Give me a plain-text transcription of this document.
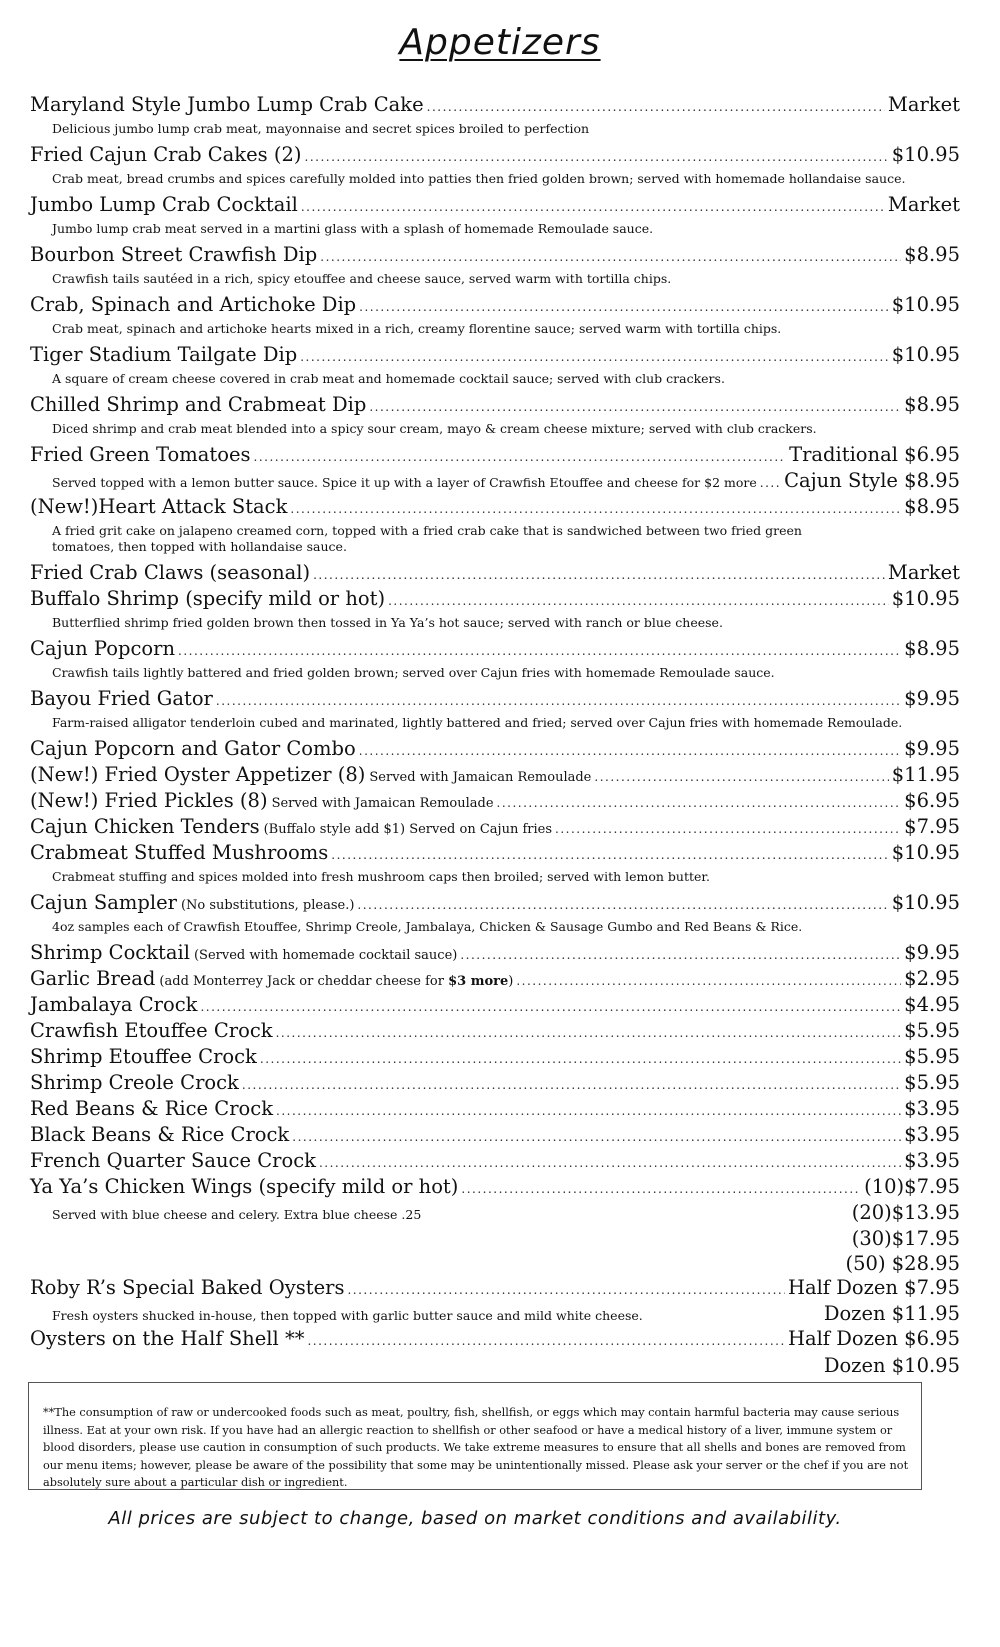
Appetizers
Maryland Style Jumbo Lump Crab Cake .....	Market
Delicious jumbo lump crab meat, mayonnaise and secret spices broiled to perfection
Fried Cajun Crab Cakes (2) .....	$10.95
Crab meat, bread crumbs and spices carefully molded into patties then fried golden brown; served with homemade hollandaise sauce.
Jumbo Lump Crab Cocktail .....	Market
Jumbo lump crab meat served in a martini glass with a splash of homemade Remoulade sauce.
Bourbon Street Crawfish Dip .....	$8.95
Crawfish tails sautéed in a rich, spicy etouffee and cheese sauce, served warm with tortilla chips.
Crab, Spinach and Artichoke Dip .....	$10.95
Crab meat, spinach and artichoke hearts mixed in a rich, creamy florentine sauce; served warm with tortilla chips.
Tiger Stadium Tailgate Dip .....	$10.95
A square of cream cheese covered in crab meat and homemade cocktail sauce; served with club crackers.
Chilled Shrimp and Crabmeat Dip .....	$8.95
Diced shrimp and crab meat blended into a spicy sour cream, mayo & cream cheese mixture; served with club crackers.
Fried Green Tomatoes .....	Traditional $6.95
Served topped with a lemon butter sauce. Spice it up with a layer of Crawfish Etouffee and cheese for $2 more ..... Cajun Style $8.95
(New!)Heart Attack Stack .....	$8.95
A fried grit cake on jalapeno creamed corn, topped with a fried crab cake that is sandwiched between two fried green tomatoes, then topped with hollandaise sauce.
Fried Crab Claws (seasonal) .....	Market
Buffalo Shrimp (specify mild or hot) .....	$10.95
Butterflied shrimp fried golden brown then tossed in Ya Ya’s hot sauce; served with ranch or blue cheese.
Cajun Popcorn .....	$8.95
Crawfish tails lightly battered and fried golden brown; served over Cajun fries with homemade Remoulade sauce.
Bayou Fried Gator .....	$9.95
Farm-raised alligator tenderloin cubed and marinated, lightly battered and fried; served over Cajun fries with homemade Remoulade.
Cajun Popcorn and Gator Combo .....	$9.95
(New!) Fried Oyster Appetizer (8) Served with Jamaican Remoulade .....	$11.95
(New!) Fried Pickles (8) Served with Jamaican Remoulade .....	$6.95
Cajun Chicken Tenders (Buffalo style add $1) Served on Cajun fries .....	$7.95
Crabmeat Stuffed Mushrooms .....	$10.95
Crabmeat stuffing and spices molded into fresh mushroom caps then broiled; served with lemon butter.
Cajun Sampler (No substitutions, please.) .....	$10.95
4oz samples each of Crawfish Etouffee, Shrimp Creole, Jambalaya, Chicken & Sausage Gumbo and Red Beans & Rice.
Shrimp Cocktail (Served with homemade cocktail sauce) .....	$9.95
Garlic Bread (add Monterrey Jack or cheddar cheese for $3 more) .....	$2.95
Jambalaya Crock .....	$4.95
Crawfish Etouffee Crock .....	$5.95
Shrimp Etouffee Crock .....	$5.95
Shrimp Creole Crock .....	$5.95
Red Beans & Rice Crock .....	$3.95
Black Beans & Rice Crock .....	$3.95
French Quarter Sauce Crock .....	$3.95
Ya Ya’s Chicken Wings (specify mild or hot) .....	(10)$7.95
Served with blue cheese and celery. Extra blue cheese .25	(20)$13.95
(30)$17.95
(50) $28.95
Roby R’s Special Baked Oysters .....	Half Dozen $7.95
Fresh oysters shucked in-house, then topped with garlic butter sauce and mild white cheese.	Dozen $11.95
Oysters on the Half Shell ** .....	Half Dozen $6.95
Dozen $10.95
**The consumption of raw or undercooked foods such as meat, poultry, fish, shellfish, or eggs which may contain harmful bacteria may cause serious illness. Eat at your own risk. If you have had an allergic reaction to shellfish or other seafood or have a medical history of a liver, immune system or blood disorders, please use caution in consumption of such products. We take extreme measures to ensure that all shells and bones are removed from our menu items; however, please be aware of the possibility that some may be unintentionally missed. Please ask your server or the chef if you are not absolutely sure about a particular dish or ingredient.
All prices are subject to change, based on market conditions and availability.
